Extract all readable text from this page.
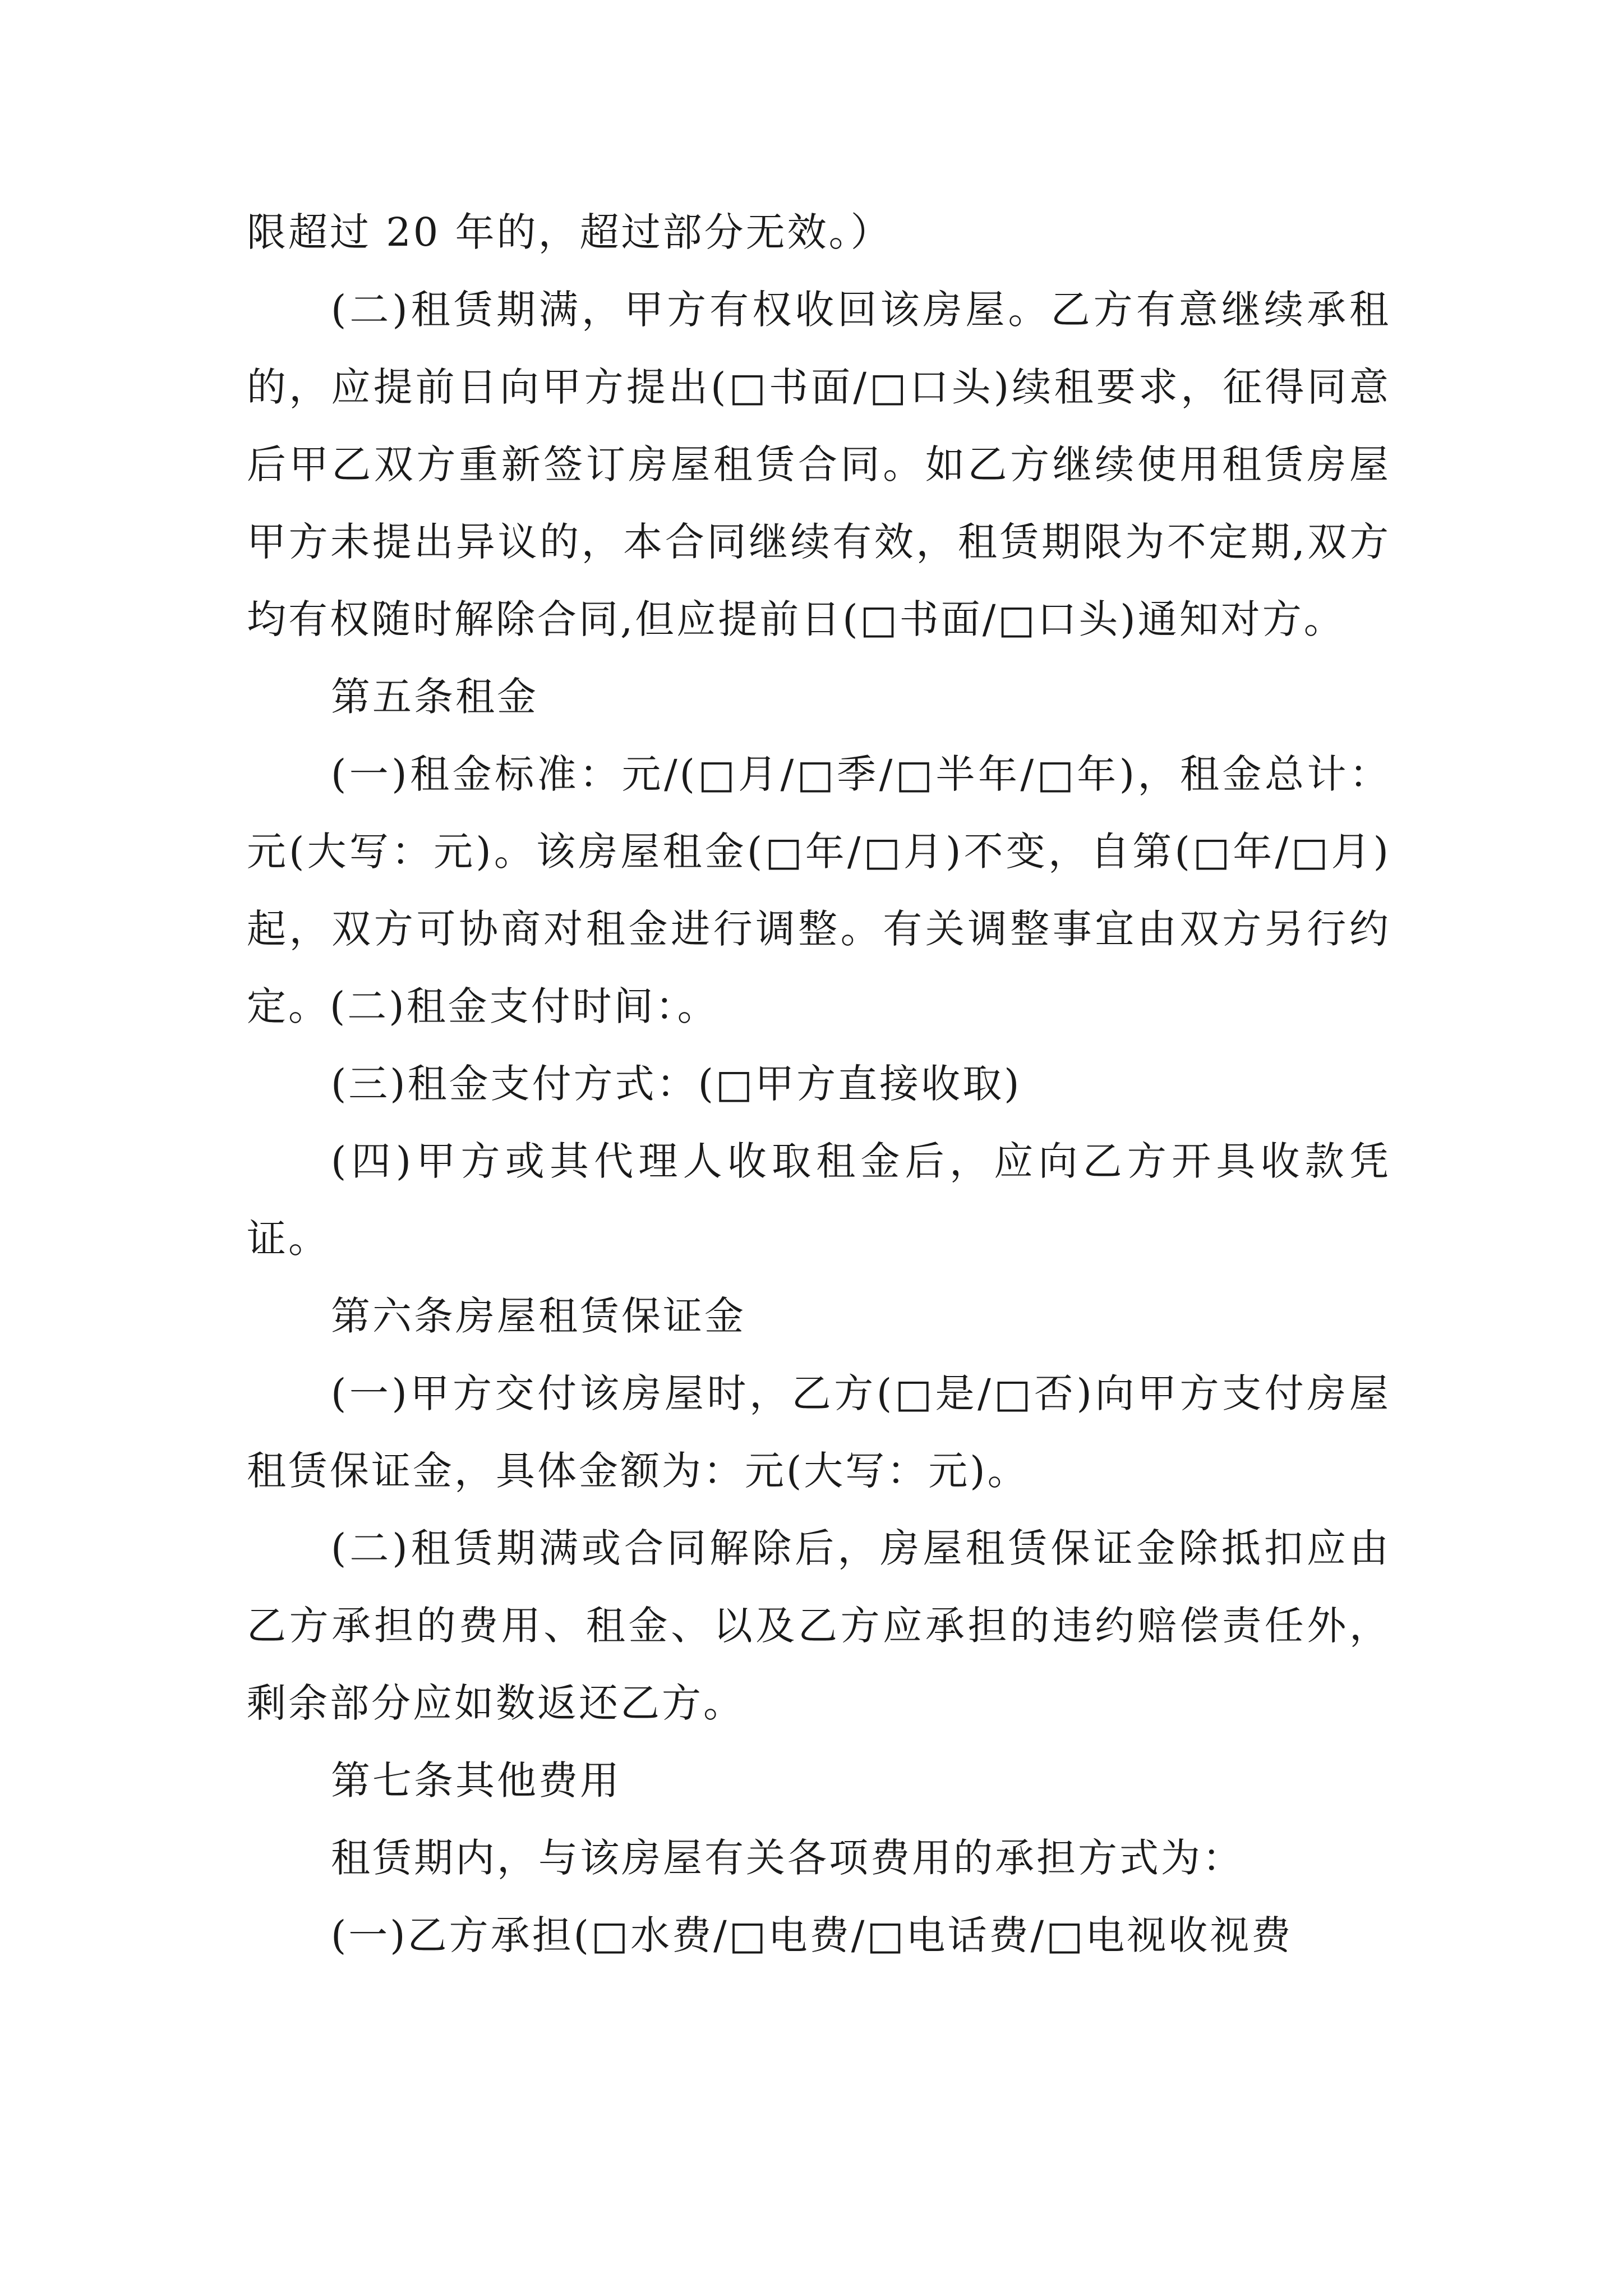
限超过 20 年的，超过部分无效。）

(二)租赁期满，甲方有权收回该房屋。乙方有意继续承租的，应提前日向甲方提出(□书面/□口头)续租要求，征得同意后甲乙双方重新签订房屋租赁合同。如乙方继续使用租赁房屋甲方未提出异议的，本合同继续有效，租赁期限为不定期,双方均有权随时解除合同,但应提前日(□书面/□口头)通知对方。

第五条租金

(一)租金标准：元/(□月/□季/□半年/□年)，租金总计：元(大写：元)。该房屋租金(□年/□月)不变，自第(□年/□月)起，双方可协商对租金进行调整。有关调整事宜由双方另行约定。(二)租金支付时间：。

(三)租金支付方式：(□甲方直接收取)

(四)甲方或其代理人收取租金后，应向乙方开具收款凭证。

第六条房屋租赁保证金

(一)甲方交付该房屋时，乙方(□是/□否)向甲方支付房屋租赁保证金，具体金额为：元(大写：元)。

(二)租赁期满或合同解除后，房屋租赁保证金除抵扣应由乙方承担的费用、租金、以及乙方应承担的违约赔偿责任外，剩余部分应如数返还乙方。

第七条其他费用

租赁期内，与该房屋有关各项费用的承担方式为：

(一)乙方承担(□水费/□电费/□电话费/□电视收视费
